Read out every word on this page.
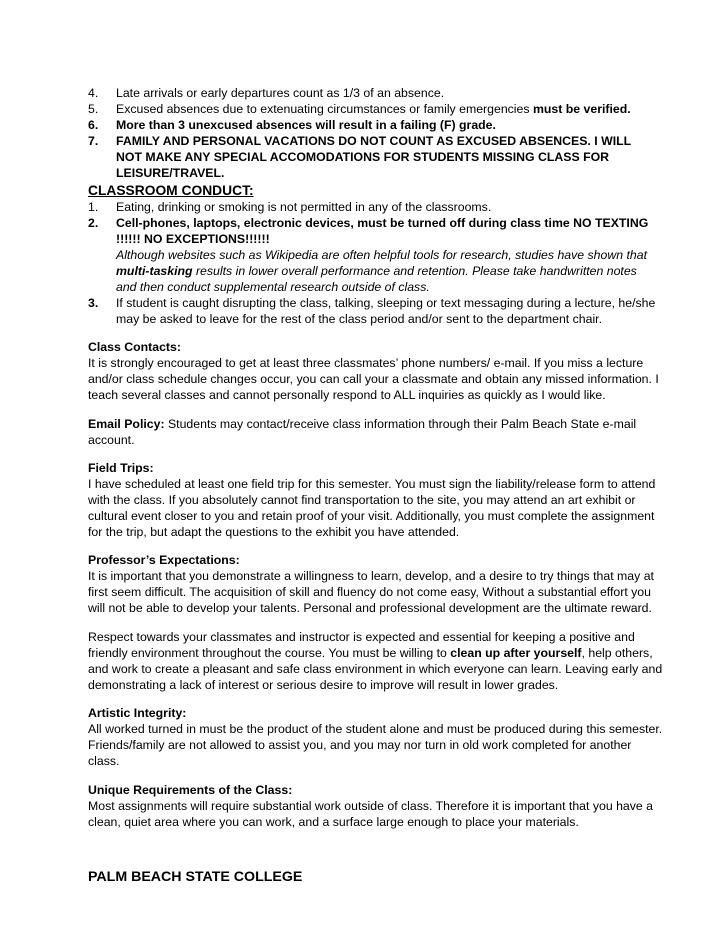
4. Late arrivals or early departures count as 1/3 of an absence.
5. Excused absences due to extenuating circumstances or family emergencies must be verified.
6. More than 3 unexcused absences will result in a failing (F) grade.
7. FAMILY AND PERSONAL VACATIONS DO NOT COUNT AS EXCUSED ABSENCES. I WILL
NOT MAKE ANY SPECIAL ACCOMODATIONS FOR STUDENTS MISSING CLASS FOR
LEISURE/TRAVEL.
CLASSROOM CONDUCT:
1. Eating, drinking or smoking is not permitted in any of the classrooms.
2. Cell-phones, laptops, electronic devices, must be turned off during class time NO TEXTING
!!!!!! NO EXCEPTIONS!!!!!!
Although websites such as Wikipedia are often helpful tools for research, studies have shown that
multi-tasking results in lower overall performance and retention. Please take handwritten notes
and then conduct supplemental research outside of class.
3. If student is caught disrupting the class, talking, sleeping or text messaging during a lecture, he/she
may be asked to leave for the rest of the class period and/or sent to the department chair.
Class Contacts:
It is strongly encouraged to get at least three classmates’ phone numbers/ e-mail. If you miss a lecture
and/or class schedule changes occur, you can call your a classmate and obtain any missed information. I
teach several classes and cannot personally respond to ALL inquiries as quickly as I would like.
Email Policy: Students may contact/receive class information through their Palm Beach State e-mail
account.
Field Trips:
I have scheduled at least one field trip for this semester. You must sign the liability/release form to attend
with the class. If you absolutely cannot find transportation to the site, you may attend an art exhibit or
cultural event closer to you and retain proof of your visit. Additionally, you must complete the assignment
for the trip, but adapt the questions to the exhibit you have attended.
Professor’s Expectations:
It is important that you demonstrate a willingness to learn, develop, and a desire to try things that may at
first seem difficult. The acquisition of skill and fluency do not come easy, Without a substantial effort you
will not be able to develop your talents. Personal and professional development are the ultimate reward.
Respect towards your classmates and instructor is expected and essential for keeping a positive and
friendly environment throughout the course. You must be willing to clean up after yourself, help others,
and work to create a pleasant and safe class environment in which everyone can learn. Leaving early and
demonstrating a lack of interest or serious desire to improve will result in lower grades.
Artistic Integrity:
All worked turned in must be the product of the student alone and must be produced during this semester.
Friends/family are not allowed to assist you, and you may nor turn in old work completed for another
class.
Unique Requirements of the Class:
Most assignments will require substantial work outside of class. Therefore it is important that you have a
clean, quiet area where you can work, and a surface large enough to place your materials.
PALM BEACH STATE COLLEGE
